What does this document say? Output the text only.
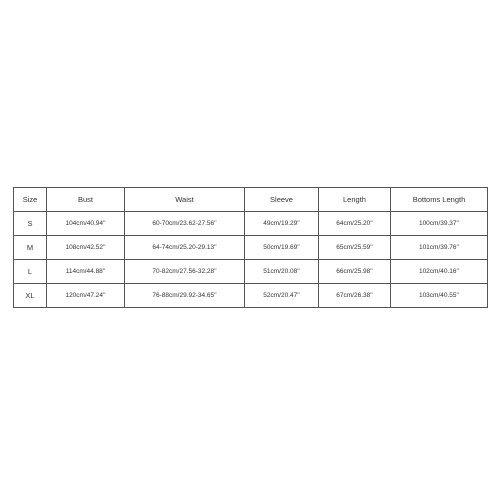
Size	Bust	Waist	Sleeve	Length	Bottoms Length
S	104cm/40.94''	60-70cm/23.62-27.56''	49cm/19.29''	64cm/25.20''	100cm/39.37''
M	108cm/42.52''	64-74cm/25.20-29.13''	50cm/19.69''	65cm/25.59''	101cm/39.76''
L	114cm/44.88''	70-82cm/27.56-32.28''	51cm/20.08''	66cm/25.98''	102cm/40.16''
XL	120cm/47.24''	76-88cm/29.92-34.65''	52cm/20.47''	67cm/26.38''	103cm/40.55''
